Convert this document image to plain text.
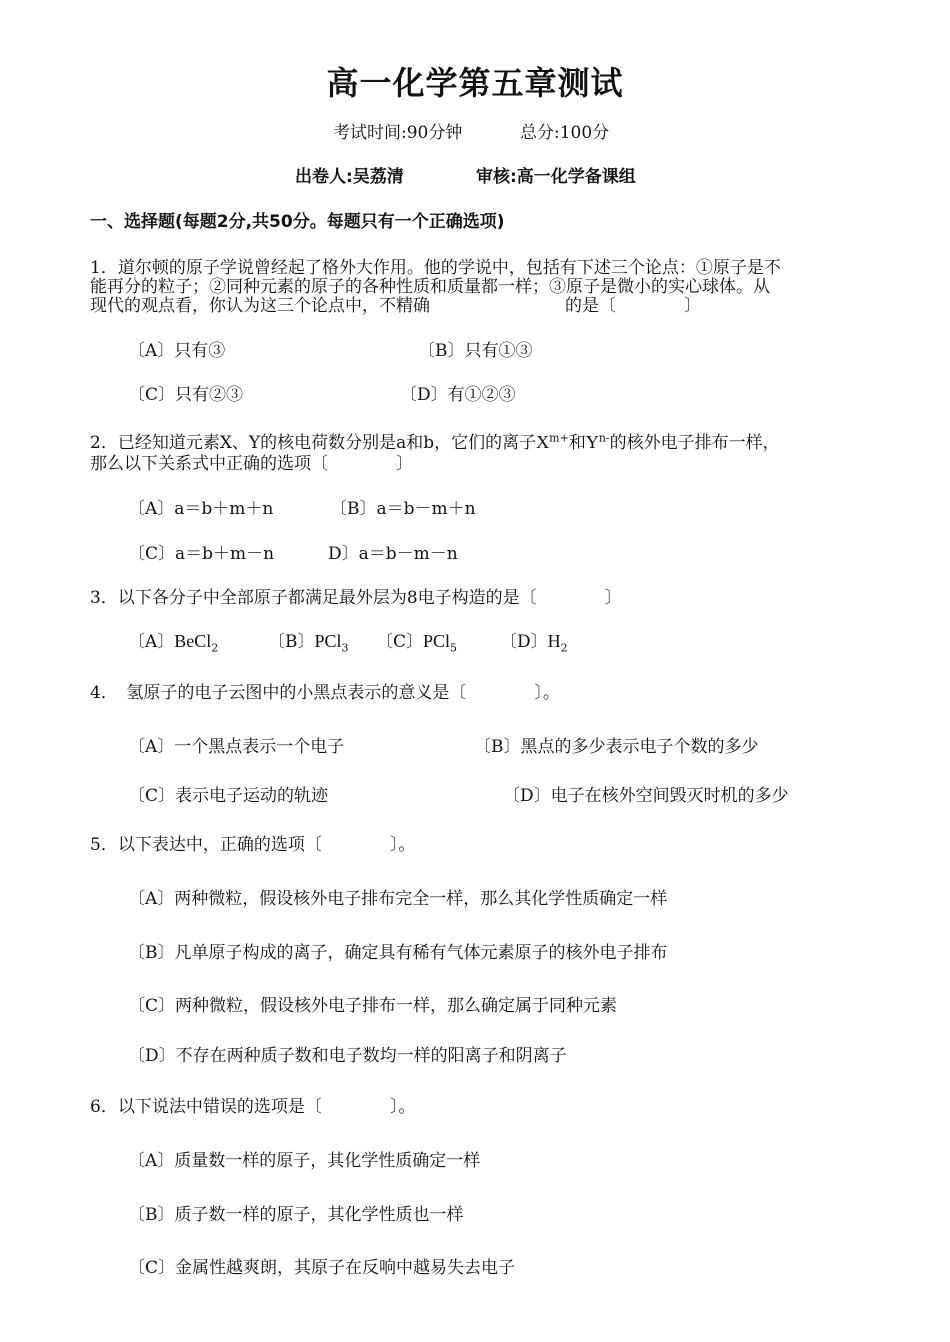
高一化学第五章测试
考试时间:90分钟	总分:100分
出卷人:吴荔清	审核:高一化学备课组
一、选择题(每题2分,共50分。每题只有一个正确选项)
1．道尔顿的原子学说曾经起了格外大作用。他的学说中，包括有下述三个论点：①原子是不
能再分的粒子；②同种元素的原子的各种性质和质量都一样；③原子是微小的实心球体。从
现代的观点看，你认为这三个论点中，不精确	的是〔　　　　〕
〔A〕只有③	〔B〕只有①③
〔C〕只有②③	〔D〕有①②③
2．已经知道元素X、Y的核电荷数分别是a和b，它们的离子$X^{m+}$和$Y^{n-}$的核外电子排布一样，
那么以下关系式中正确的选项〔　　　　〕
〔A〕a＝b＋m＋n	〔B〕a＝b－m＋n
〔C〕a＝b＋m－n	D〕a＝b－m－n
3．以下各分子中全部原子都满足最外层为8电子构造的是〔　　　　〕
〔A〕BeCl$_2$	〔B〕PCl$_3$ 〔C〕PCl$_5$	〔D〕$H_2$
4．　氢原子的电子云图中的小黑点表示的意义是〔　　　　〕。
〔A〕一个黑点表示一个电子	〔B〕黑点的多少表示电子个数的多少
〔C〕表示电子运动的轨迹	〔D〕电子在核外空间毁灭时机的多少
5．以下表达中，正确的选项〔　　　　〕。
〔A〕两种微粒，假设核外电子排布完全一样，那么其化学性质确定一样
〔B〕凡单原子构成的离子，确定具有稀有气体元素原子的核外电子排布
〔C〕两种微粒，假设核外电子排布一样，那么确定属于同种元素
〔D〕不存在两种质子数和电子数均一样的阳离子和阴离子
6．以下说法中错误的选项是〔　　　　〕。
〔A〕质量数一样的原子，其化学性质确定一样
〔B〕质子数一样的原子，其化学性质也一样
〔C〕金属性越爽朗，其原子在反响中越易失去电子
